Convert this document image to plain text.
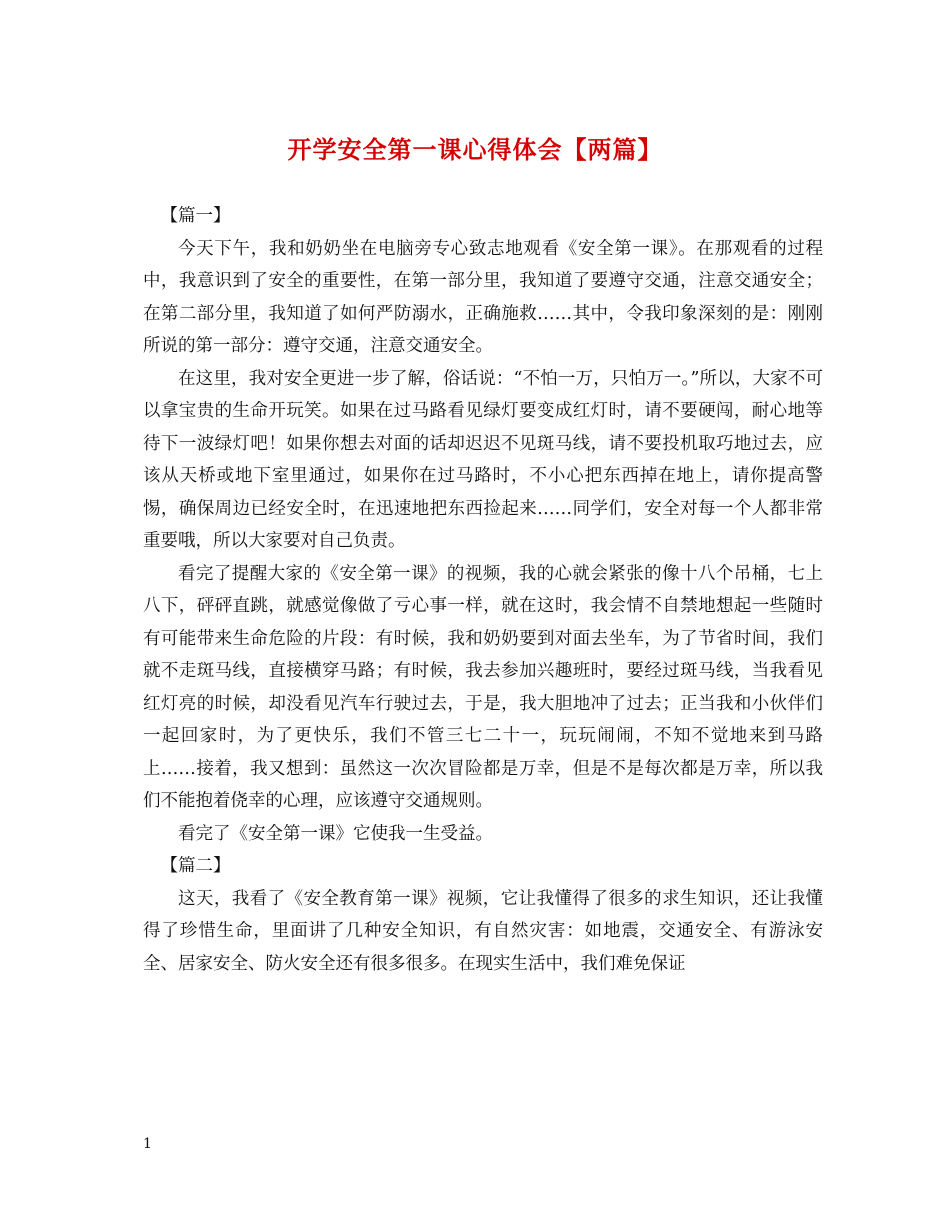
开学安全第一课心得体会【两篇】

【篇一】

今天下午，我和奶奶坐在电脑旁专心致志地观看《安全第一课》。在那观看的过程中，我意识到了安全的重要性，在第一部分里，我知道了要遵守交通，注意交通安全；在第二部分里，我知道了如何严防溺水，正确施救……其中，令我印象深刻的是：刚刚所说的第一部分：遵守交通，注意交通安全。

在这里，我对安全更进一步了解，俗话说：“不怕一万，只怕万一。”所以，大家不可以拿宝贵的生命开玩笑。如果在过马路看见绿灯要变成红灯时，请不要硬闯，耐心地等待下一波绿灯吧！如果你想去对面的话却迟迟不见斑马线，请不要投机取巧地过去，应该从天桥或地下室里通过，如果你在过马路时，不小心把东西掉在地上，请你提高警惕，确保周边已经安全时，在迅速地把东西捡起来……同学们，安全对每一个人都非常重要哦，所以大家要对自己负责。

看完了提醒大家的《安全第一课》的视频，我的心就会紧张的像十八个吊桶，七上八下，砰砰直跳，就感觉像做了亏心事一样，就在这时，我会情不自禁地想起一些随时有可能带来生命危险的片段：有时候，我和奶奶要到对面去坐车，为了节省时间，我们就不走斑马线，直接横穿马路；有时候，我去参加兴趣班时，要经过斑马线，当我看见红灯亮的时候，却没看见汽车行驶过去，于是，我大胆地冲了过去；正当我和小伙伴们一起回家时，为了更快乐，我们不管三七二十一，玩玩闹闹，不知不觉地来到马路上……接着，我又想到：虽然这一次次冒险都是万幸，但是不是每次都是万幸，所以我们不能抱着侥幸的心理，应该遵守交通规则。

看完了《安全第一课》它使我一生受益。

【篇二】

这天，我看了《安全教育第一课》视频，它让我懂得了很多的求生知识，还让我懂得了珍惜生命，里面讲了几种安全知识，有自然灾害：如地震，交通安全、有游泳安全、居家安全、防火安全还有很多很多。在现实生活中，我们难免保证

1
